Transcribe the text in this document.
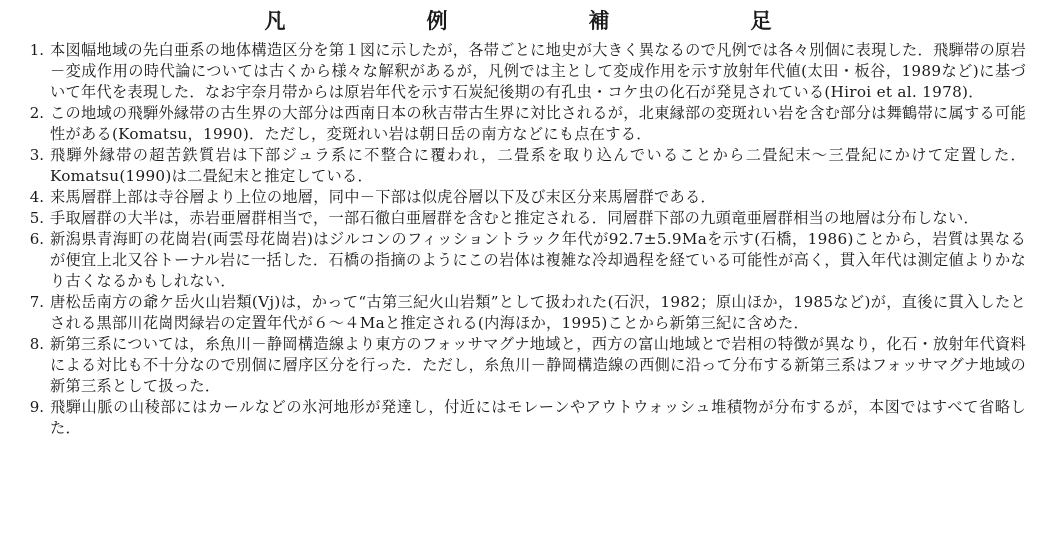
凡　例　補　足
1. 本図幅地域の先白亜系の地体構造区分を第１図に示したが，各帯ごとに地史が大きく異なるので凡例では各々別個に表現した．飛騨帯の原岩－変成作用の時代論については古くから様々な解釈があるが，凡例では主として変成作用を示す放射年代値(太田・板谷，1989など)に基づいて年代を表現した．なお宇奈月帯からは原岩年代を示す石炭紀後期の有孔虫・コケ虫の化石が発見されている(Hiroi et al. 1978)．
2. この地域の飛騨外縁帯の古生界の大部分は西南日本の秋吉帯古生界に対比されるが，北東縁部の変斑れい岩を含む部分は舞鶴帯に属する可能性がある(Komatsu，1990)．ただし，変斑れい岩は朝日岳の南方などにも点在する．
3. 飛騨外縁帯の超苦鉄質岩は下部ジュラ系に不整合に覆われ，二畳系を取り込んでいることから二畳紀末～三畳紀にかけて定置した．Komatsu(1990)は二畳紀末と推定している．
4. 来馬層群上部は寺谷層より上位の地層，同中－下部は似虎谷層以下及び末区分来馬層群である．
5. 手取層群の大半は，赤岩亜層群相当で，一部石徹白亜層群を含むと推定される．同層群下部の九頭竜亜層群相当の地層は分布しない．
6. 新潟県青海町の花崗岩(両雲母花崗岩)はジルコンのフィッショントラック年代が92.7±5.9Maを示す(石橋，1986)ことから，岩質は異なるが便宜上北又谷トーナル岩に一括した．石橋の指摘のようにこの岩体は複雑な冷却過程を経ている可能性が高く，貫入年代は測定値よりかなり古くなるかもしれない．
7. 唐松岳南方の爺ケ岳火山岩類(Vj)は，かって“古第三紀火山岩類”として扱われた(石沢，1982；原山ほか，1985など)が，直後に貫入したとされる黒部川花崗閃緑岩の定置年代が６～４Maと推定される(内海ほか，1995)ことから新第三紀に含めた．
8. 新第三系については，糸魚川－静岡構造線より東方のフォッサマグナ地域と，西方の富山地域とで岩相の特徴が異なり，化石・放射年代資料による対比も不十分なので別個に層序区分を行った．ただし，糸魚川－静岡構造線の西側に沿って分布する新第三系はフォッサマグナ地域の新第三系として扱った．
9. 飛騨山脈の山稜部にはカールなどの氷河地形が発達し，付近にはモレーンやアウトウォッシュ堆積物が分布するが，本図ではすべて省略した．
